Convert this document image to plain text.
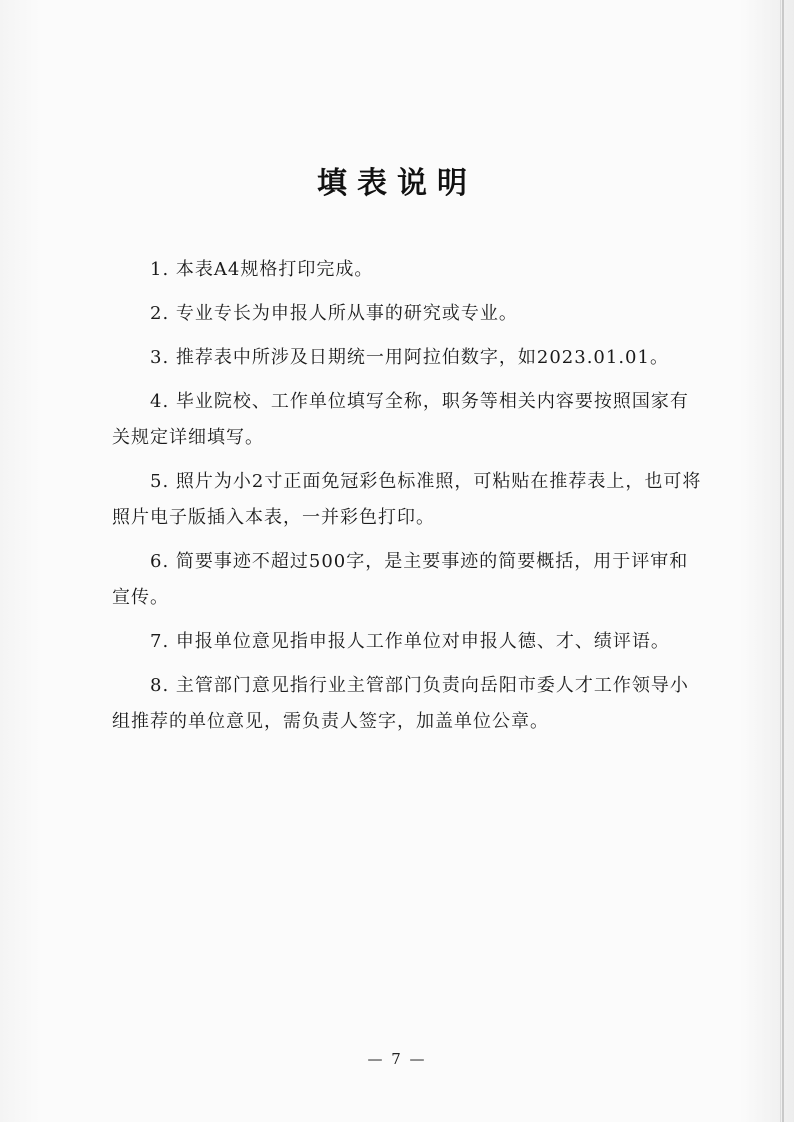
填表说明

1. 本表A4规格打印完成。

2. 专业专长为申报人所从事的研究或专业。

3. 推荐表中所涉及日期统一用阿拉伯数字，如2023.01.01。

4. 毕业院校、工作单位填写全称，职务等相关内容要按照国家有关规定详细填写。

5. 照片为小2寸正面免冠彩色标准照，可粘贴在推荐表上，也可将照片电子版插入本表，一并彩色打印。

6. 简要事迹不超过500字，是主要事迹的简要概括，用于评审和宣传。

7. 申报单位意见指申报人工作单位对申报人德、才、绩评语。

8. 主管部门意见指行业主管部门负责向岳阳市委人才工作领导小组推荐的单位意见，需负责人签字，加盖单位公章。

— 7 —
